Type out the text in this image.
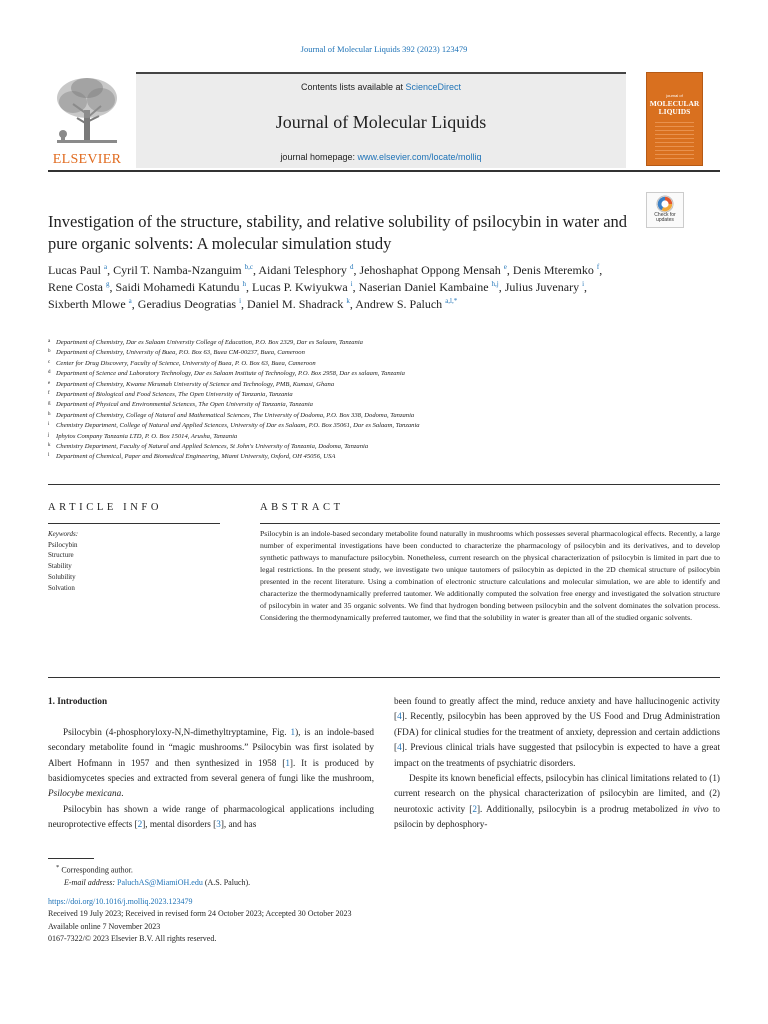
Journal of Molecular Liquids 392 (2023) 123479
ELSEVIER
Contents lists available at ScienceDirect
Journal of Molecular Liquids
journal homepage: www.elsevier.com/locate/molliq
journal of
MOLECULAR LIQUIDS
Investigation of the structure, stability, and relative solubility of psilocybin in water and pure organic solvents: A molecular simulation study
Check for updates
Lucas Paul $^a$, Cyril T. Namba-Nzanguim $^{b,c}$, Aidani Telesphory $^d$, Jehoshaphat Oppong Mensah $^e$, Denis Mteremko $^f$, Rene Costa $^g$, Saidi Mohamedi Katundu $^h$, Lucas P. Kwiyukwa $^i$, Naserian Daniel Kambaine $^{h,j}$, Julius Juvenary $^i$, Sixberth Mlowe $^a$, Geradius Deogratias $^i$, Daniel M. Shadrack $^k$, Andrew S. Paluch $^{a,l,*}$
a Department of Chemistry, Dar es Salaam University College of Education, P.O. Box 2329, Dar es Salaam, Tanzania
b Department of Chemistry, University of Buea, P.O. Box 63, Buea CM-00237, Buea, Cameroon
c Center for Drug Discovery, Faculty of Science, University of Buea, P. O. Box 63, Buea, Cameroon
d Department of Science and Laboratory Technology, Dar es Salaam Institute of Technology, P.O. Box 2958, Dar es salaam, Tanzania
e Department of Chemistry, Kwame Nkrumah University of Science and Technology, PMB, Kumasi, Ghana
f Department of Biological and Food Sciences, The Open University of Tanzania, Tanzania
g Department of Physical and Environmental Sciences, The Open University of Tanzania, Tanzania
h Department of Chemistry, College of Natural and Mathematical Sciences, The University of Dodoma, P.O. Box 338, Dodoma, Tanzania
i Chemistry Department, College of Natural and Applied Sciences, University of Dar es Salaam, P.O. Box 35061, Dar es Salaam, Tanzania
j Iphytos Company Tanzania LTD, P. O. Box 15014, Arusha, Tanzania
k Chemistry Department, Faculty of Natural and Applied Sciences, St John's University of Tanzania, Dodoma, Tanzania
l Department of Chemical, Paper and Biomedical Engineering, Miami University, Oxford, OH 45056, USA
ARTICLE INFO	ABSTRACT
Keywords:
Psilocybin
Structure
Stability
Solubility
Solvation

Psilocybin is an indole-based secondary metabolite found naturally in mushrooms which possesses several pharmacological effects. Recently, a large number of experimental investigations have been conducted to characterize the pharmacology of psilocybin and its derivatives, and to develop synthetic pathways to manufacture psilocybin. Nonetheless, current research on the physical characterization of psilocybin is limited in part due to legal restrictions. In the present study, we investigate two unique tautomers of psilocybin as depicted in the 2D chemical structure of psilocybin presented in the recent literature. Using a combination of electronic structure calculations and molecular simulation, we are able to identify and characterize the thermodynamically preferred tautomer. We additionally computed the solvation free energy and investigated the solvation structure of psilocybin in water and 35 organic solvents. We find that hydrogen bonding between psilocybin and the solvent dominates the solvation process. Considering the thermodynamically preferred tautomer, we find that the solubility in water is greater than all of the studied organic solvents.

1. Introduction

Psilocybin (4-phosphoryloxy-N,N-dimethyltryptamine, Fig. 1), is an indole-based secondary metabolite found in “magic mushrooms.” Psilocybin was first isolated by Albert Hofmann in 1957 and then synthesized in 1958 [1]. It is produced by basidiomycetes species and extracted from several genera of fungi like the mushroom, Psilocybe mexicana.

Psilocybin has shown a wide range of pharmacological applications including neuroprotective effects [2], mental disorders [3], and has

been found to greatly affect the mind, reduce anxiety and have hallucinogenic activity [4]. Recently, psilocybin has been approved by the US Food and Drug Administration (FDA) for clinical studies for the treatment of anxiety, depression and certain addictions [4]. Previous clinical trials have suggested that psilocybin is expected to have a great impact on the treatments of psychiatric disorders.

Despite its known beneficial effects, psilocybin has clinical limitations related to (1) current research on the physical characterization of psilocybin are limited, and (2) neurotoxic activity [2]. Additionally, psilocybin is a prodrug metabolized in vivo to psilocin by dephosphory-

* Corresponding author.
E-mail address: PaluchAS@MiamiOH.edu (A.S. Paluch).
https://doi.org/10.1016/j.molliq.2023.123479
Received 19 July 2023; Received in revised form 24 October 2023; Accepted 30 October 2023
Available online 7 November 2023
0167-7322/© 2023 Elsevier B.V. All rights reserved.
